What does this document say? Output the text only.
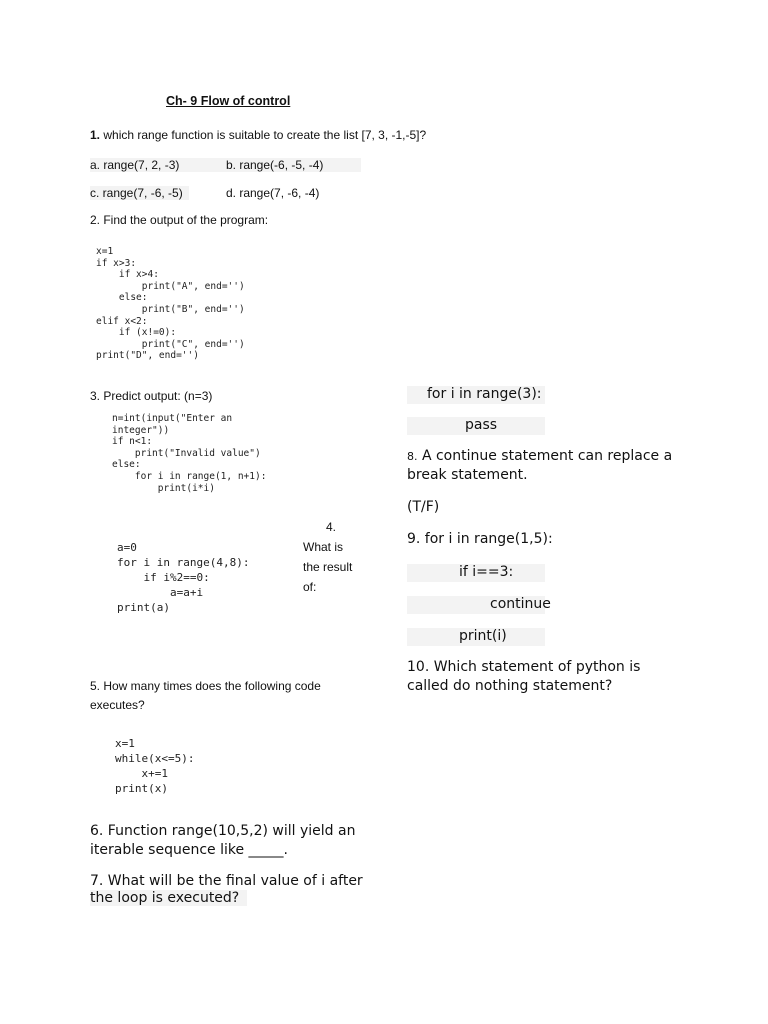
Ch- 9 Flow of control
1. which range function is suitable to create the list [7, 3, -1,-5]?
a. range(7, 2, -3)	b. range(-6, -5, -4)
c. range(7, -6, -5)	d. range(7, -6, -4)
2. Find the output of the program:
x=1
if x>3:
if x>4:
print("A", end='')
else:
print("B", end='')
elif x<2:
if (x!=0):
print("C", end='')
print("D", end='')
3. Predict output: (n=3)
n=int(input("Enter an
integer"))
if n<1:
print("Invalid value")
else:
for i in range(1, n+1):
print(i*i)
a=0
for i in range(4,8):
if i%2==0:
a=a+i
print(a)
4.
What is
the result
of:
5. How many times does the following code
executes?
x=1
while(x<=5):
x+=1
print(x)
6. Function range(10,5,2) will yield an
iterable sequence like _____.
7. What will be the final value of i after
the loop is executed?
for i in range(3):
pass
8. A continue statement can replace a
break statement.
(T/F)
9. for i in range(1,5):
if i==3:
continue
print(i)
10. Which statement of python is
called do nothing statement?
